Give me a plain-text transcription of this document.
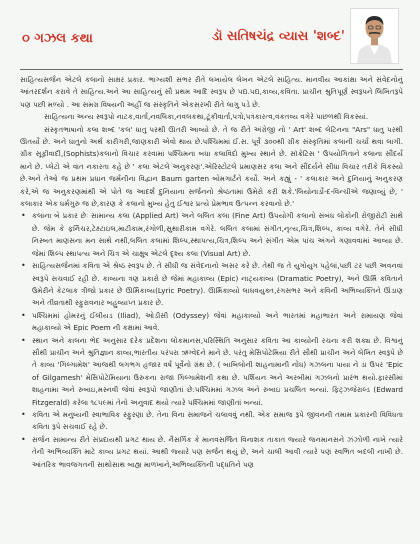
૦ ગઝલ કથા	ડૉ સતિષચંદ્ર વ્યાસ 'શબ્દ'

સાહિત્યસર્જન એટલે કલાનો સાક્ષર પ્રકાર. ભાગ્યશી સભર રીતે લખાયેલ લેખન એટલે સાહિત્ય. માનવીય આકાંક્ષા અને સંવેદનોનું આંતરદર્શન કરાવે તે સાહિત્ય.અને આ સાહિત્યનું સૌ પ્રથમ આદિ સ્વરૂપ છે પદ્ય.પદ્ય,કાવ્ય,કવિતા. પ્રાચીન શ્રુતિપૂર્ણ સ્વરૂપને લિખિતરૂપે પણ પછી મળ્યો . આ સમગ્ર વિષયની અહીં જ સંસ્કૃતિને એકસરખી રીતે લાગુ પડે છે.

સાહિત્યના અન્ય સ્વરૂપો નાટક,વાર્તા,નવલિકા,નવલકથા,ટૂંકીવાર્તા,પત્રો,પત્રકારત્વ,વકતવ્ય વગેરે પાછળથી વિકસ્યાં.

સંસ્કૃતભાષાનો કલા શબ્દ 'કલ' ધાતુ પરથી ઊતરી આવ્યો છે. તે જ રીતે અંગ્રેજી નો ' Art' શબ્દ લેટિનના "Ars" ધાતુ પરથી ઊતર્યો છે. અને ધાતુનો અર્થ કારીગરી,જાણકારી એવો થાય છે.પશ્ચિમમાં ઈ.સ. પૂર્વે ૩૦૦થી ગ્રીક સંસ્કૃતિમાં કલાની ચર્ચા થવા લાગી. ગ્રીક સૂફીવાદી,(Sophists)કલાનો વિચાર કરવામાં પશ્ચિમના બધા કલાવિદો મુખ્ય સ્થાને છે. સૉક્રેટિસ ' ઉપયોગિતાને કલાના સૌંદર્ય માને છે. પ્લેટો એ વાત નકારતા કહે છે ' કલા એટલે અનુકરણ'.એરિસ્ટોટલે પ્રમાણસર કલા અને સૌંદર્યને સીધા વિચાર તરીકે વિકસ્યો છે.અને તેઓ જ પ્રથમ પ્રધાન જર્મનીના વિદ્વાન Baum garten બોમગાર્ટને કર્યો. અને કહ્યું - ' કલાકાર અને દુનિયાનું અનુકરણ કરે,એ જ અનુકરણમાંથી એ પોતે જ આદર્શ દુનિયાના સર્જનનો શ્રેષ્ઠતામાં ઉમેરો કરી શકે.'લિયોનાર્ડો-દ-વિન્ચીએ જણાવ્યું છે, ' કલાકાર એક ધર્મગુરુ જ છે,કારણ કે કલાનો મુખ્ય હેતુ ઈશ્વર પ્રત્યે પ્રેમભાવ ઉત્પન્ન કરવાનો છે.'

• કલાના બે પ્રકાર છેઃ સામાન્ય કલા (Applied Art) અને લલિત કલા (Fine Art) ઉપયોગી કલાનો સંબંધ લોકોની રોજીરોટી સાથે છે. જેમ કે ફર્નિચર,ટેક્ષ્ટાઇલ,માટીકામ,રંગોળી,સુથારીકામ વગેરે. લલિત કલામાં સંગીત,નૃત્ય,ચિત્ર,શિલ્પ, કાવ્ય વગેરે. તેને સીધી નિસ્બત માણસના મન સાથે નથી,લલિત કલામાં શિલ્પ,સ્થાપત્ય,ચિત્ર,શિલ્પ અને સંગીત એમ પાંચ અંગને ગણાવવામાં આવ્યા છે. જેમાં શિલ્પ સ્થાપત્ય અને ચિત્ર એ ચાક્ષુષ એટલે દૃશ્ય કલા (Visual Art) છે.
• સાહિત્યસર્જનમાં કવિતા એ શ્રેષ્ઠ સ્વરૂપ છે. તે સીધી જ સંવેદનાનો અસર કરે છે. તેથી જ તે યુગોયુગ પહેલાં,પછી ટર પછી અવનવાં સ્વરૂપે સચવાઈ રહી છે. કાવ્યના ત્રણ પ્રકારો છે જેમાં મહાકાવ્ય (Epic) નાટ્યકાવ્ય (Dramatic Poetry), અને ઊર્મિ કવિતાને ઉમેરીને કેટલાક ત્રીજો પ્રકાર છે ઊર્મિકાવ્ય(Lyric Poetry). ઊર્મિકાવ્યો લાઘવયુક્ત,રંગસભર અને કવિની અભિવ્યક્તિને ઊંડાણ અને તીવ્રતાથી સ્ફુરાવનાર બહુવ્યાપ્ત પ્રકાર છે.
• પશ્ચિમમાં હોમરનું ઈલીયડ (Iliad), ઓડીસી (Odyssey) જેવાં મહાકાવ્યો અને ભારતમાં મહાભારત અને રામાયણ જેવાં મહાકાવ્યો એ Epic Poem ની કક્ષામાં આવે.
• સ્થાન અને કાલના ભેદ અનુસાર દરેક પ્રદેશના લોકમાનસ,પરિસ્થિતિ અનુસાર કવિતા આ કાવ્યોની રચના કરી શક્ય છે. વિશ્વનું સૌથી પ્રાચીન અને શ્રુતિજ્ઞાન કાવ્ય,ભારતીય પરંપરા ઋગ્વેદને માને છે. પરંતુ મેસિપોટેમિયા રીતે સૌથી પ્રાચીન અને લેખિત સ્વરૂપે છે તે કાવ્ય 'ગિલ્ગામેશ' આજથી લગભગ હજાર વર્ષ પૂર્વેનો ગ્રંથ છે. ( બાબિલોની શાહનામાની નોંધ) ગઝલના પાયા ને ડા ઉપર 'Epic of Gilgamesh' મેસિપોટેમિયાના ઉરુકના રાજા ગિલ્ગામેશની કથા છે. પર્શિયન અને અરબીમાં ગઝલનો પ્રારંભ થયો.ફારસીમાં શાહનામા અને રુબાઇ,મસ્નવી જેવાં સ્વરૂપો જાણીતાં છે.પશ્ચિમમાં ગઝલ અને રુબાઇ પ્રચલિત બન્યાં. ફિટ્ઝજેરાલ્ડ (Edward Fitzgerald) કરેલા ૧૮૫૯માં તેનો અનુવાદ થયો ત્યારે પશ્ચિમમાં જાણીતાં બન્યાં.
• કવિતા એ મનુષ્યની સ્વાભાવિક સ્ફુરણા છે. તેના વિના સમાજને ચલાવવું નથી. એક સમાજ રૂપે જીવનની તમામ પ્રકારની વિવિધતા કવિતા રૂપે સચવાઈ રહે છે.
• સર્જન સામાન્ય રીતે સંપ્રદાયથી પ્રગટ થાય છે. નૈસર્ગિક કે માનવસર્જિત વિનાશક તાકાત જ્યારે જનમાનસને ઝંઝોળી નાખે ત્યારે તેની અભિવ્યક્તિ માટે કાવ્ય પ્રગટ થયાં. આથી જ્યારે પણ સર્જન થયું છે, અને ચાલી આવી ત્યારે પણ સ્વભિત બદલી નાખી છે. આંતરિક ભાવજગતની સાથોસાથ બાહ્ય માળખાને,અભિવ્યક્તિની પદ્ધતિને પણ
